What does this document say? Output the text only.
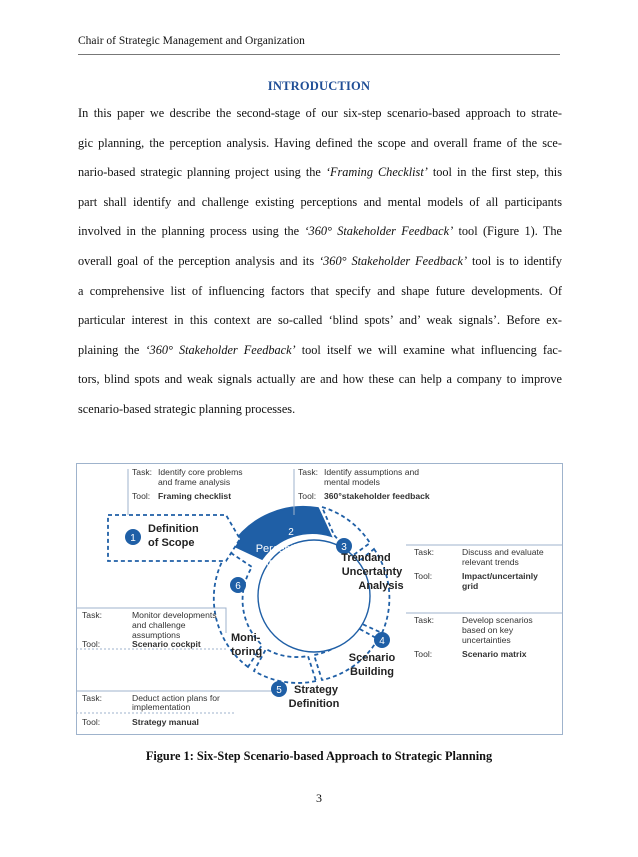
Chair of Strategic Management and Organization
INTRODUCTION

In this paper we describe the second-stage of our six-step scenario-based approach to strate-
gic planning, the perception analysis. Having defined the scope and overall frame of the sce-
nario-based strategic planning project using the ‘Framing Checklist’ tool in the first step, this
part shall identify and challenge existing perceptions and mental models of all participants
involved in the planning process using the ‘360° Stakeholder Feedback’ tool (Figure 1). The
overall goal of the perception analysis and its ‘360° Stakeholder Feedback’ tool is to identify
a comprehensive list of influencing factors that specify and shape future developments. Of
particular interest in this context are so-called ‘blind spots’ and’ weak signals’. Before ex-
plaining the ‘360° Stakeholder Feedback’ tool itself we will examine what influencing fac-
tors, blind spots and weak signals actually are and how these can help a company to improve
scenario-based strategic planning processes.

1
2
3
4
5
6
Definition
of Scope	Perception
Analysis	Trendand
Uncertainty
Analysis
Scenario
Building
Strategy
Definition
Moni-
toring
Task: Identify core problems
and frame analysis
Tool: Framing checklist
Task: Identify assumptions and
mental models
Tool: 360°stakeholder feedback
Task:	Discuss and evaluate
relevant trends
Tool:	Impact/uncertainly
grid
Task:	Develop scenarios
based on key
uncertainties
Tool:	Scenario matrix
Task:	Monitor developments
and challenge
assumptions
Tool:	Scenario cockpit
Task:	Deduct action plans for
implementation
Tool:	Strategy manual
Figure 1: Six-Step Scenario-based Approach to Strategic Planning
3
